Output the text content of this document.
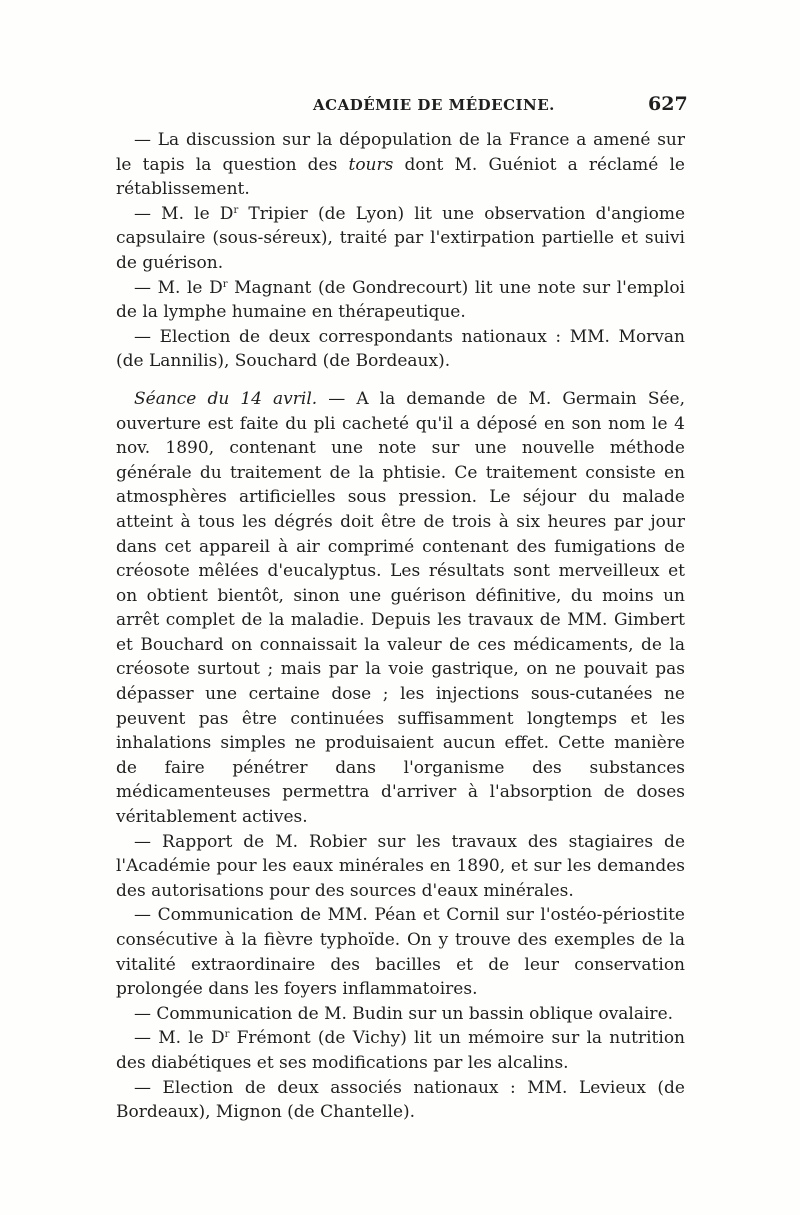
ACADÉMIE DE MÉDECINE.	627

— La discussion sur la dépopulation de la France a amené sur le tapis la question des tours dont M. Guéniot a réclamé le rétablissement.

— M. le $D^r$ Tripier (de Lyon) lit une observation d'angiome capsulaire (sous-séreux), traité par l'extirpation partielle et suivi de guérison.

— M. le $D^r$ Magnant (de Gondrecourt) lit une note sur l'emploi de la lymphe humaine en thérapeutique.

— Election de deux correspondants nationaux : MM. Morvan (de Lannilis), Souchard (de Bordeaux).

Séance du 14 avril. — A la demande de M. Germain Sée, ouverture est faite du pli cacheté qu'il a déposé en son nom le 4 nov. 1890, contenant une note sur une nouvelle méthode générale du traitement de la phtisie. Ce traitement consiste en atmosphères artificielles sous pression. Le séjour du malade atteint à tous les dégrés doit être de trois à six heures par jour dans cet appareil à air comprimé contenant des fumigations de créosote mêlées d'eucalyptus. Les résultats sont merveilleux et on obtient bientôt, sinon une guérison définitive, du moins un arrêt complet de la maladie. Depuis les travaux de MM. Gimbert et Bouchard on connaissait la valeur de ces médicaments, de la créosote surtout ; mais par la voie gastrique, on ne pouvait pas dépasser une certaine dose ; les injections sous-cutanées ne peuvent pas être continuées suffisamment longtemps et les inhalations simples ne produisaient aucun effet. Cette manière de faire pénétrer dans l'organisme des substances médicamenteuses permettra d'arriver à l'absorption de doses véritablement actives.

— Rapport de M. Robier sur les travaux des stagiaires de l'Académie pour les eaux minérales en 1890, et sur les demandes des autorisations pour des sources d'eaux minérales.

— Communication de MM. Péan et Cornil sur l'ostéo-périostite consécutive à la fièvre typhoïde. On y trouve des exemples de la vitalité extraordinaire des bacilles et de leur conservation prolongée dans les foyers inflammatoires.

— Communication de M. Budin sur un bassin oblique ovalaire.

— M. le $D^r$ Frémont (de Vichy) lit un mémoire sur la nutrition des diabétiques et ses modifications par les alcalins.

— Election de deux associés nationaux : MM. Levieux (de Bordeaux), Mignon (de Chantelle).
